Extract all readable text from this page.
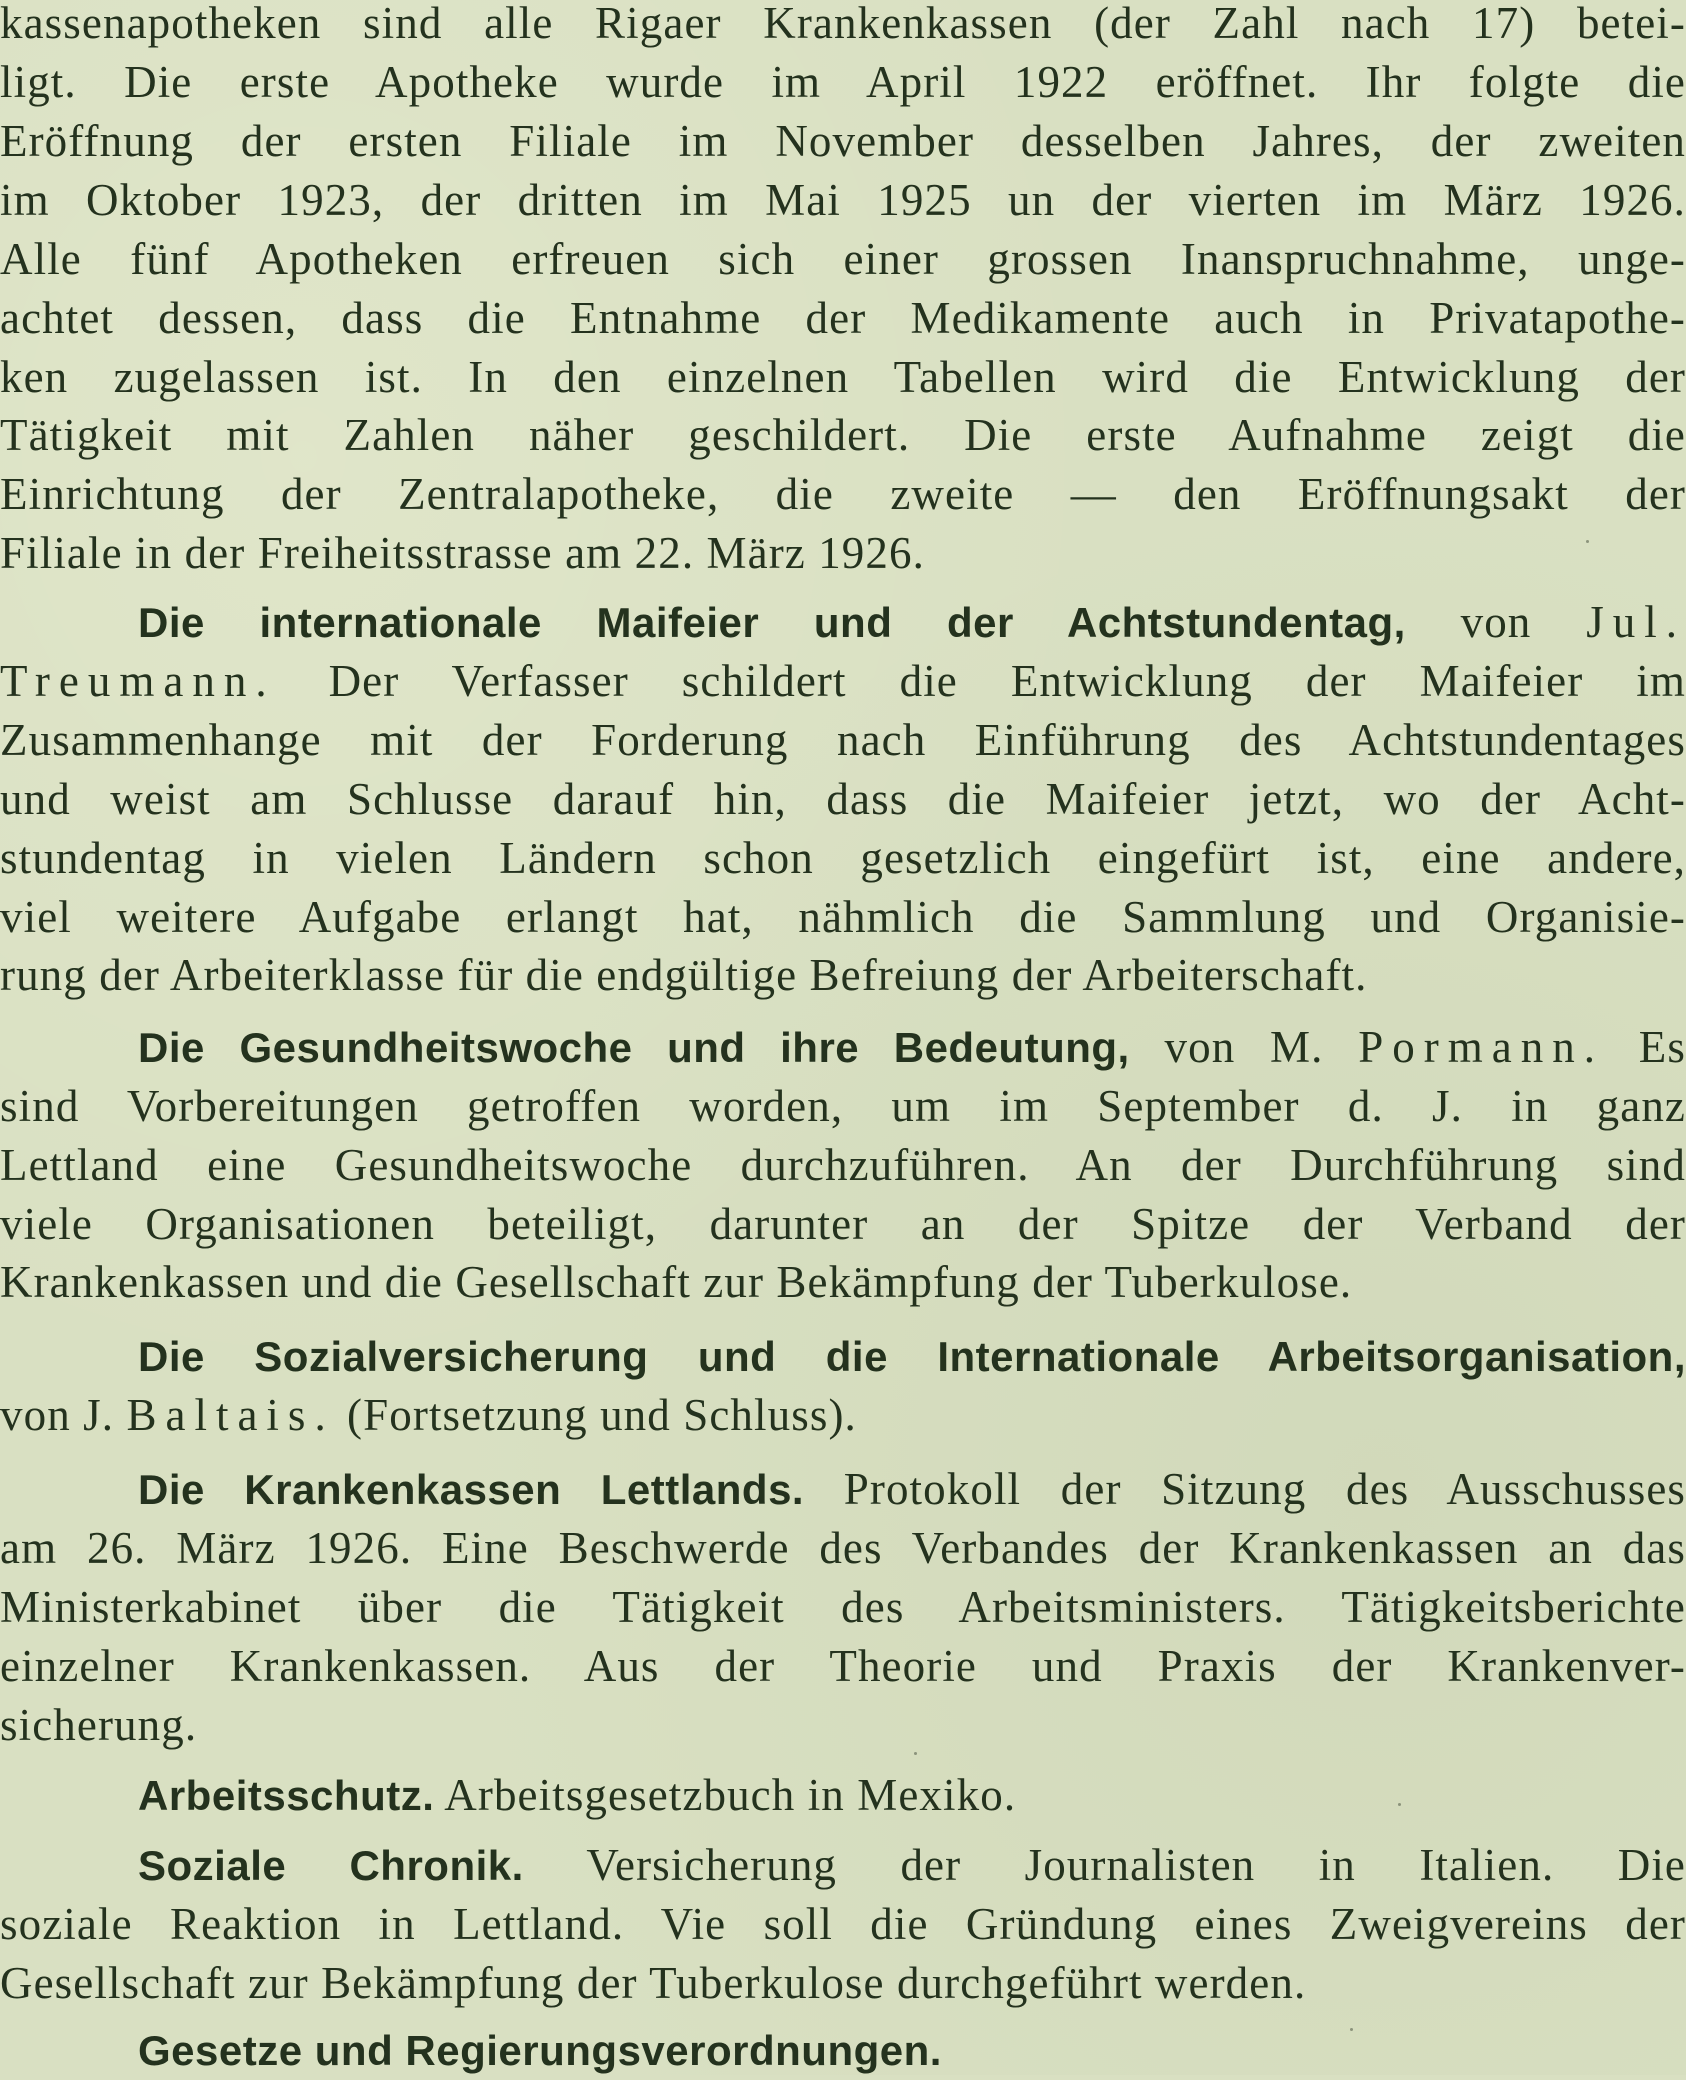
kassenapotheken sind alle Rigaer Krankenkassen (der Zahl nach 17) betei-
ligt. Die erste Apotheke wurde im April 1922 eröffnet. Ihr folgte die
Eröffnung der ersten Filiale im November desselben Jahres, der zweiten
im Oktober 1923, der dritten im Mai 1925 un der vierten im März 1926.
Alle fünf Apotheken erfreuen sich einer grossen Inanspruchnahme, unge-
achtet dessen, dass die Entnahme der Medikamente auch in Privatapothe-
ken zugelassen ist. In den einzelnen Tabellen wird die Entwicklung der
Tätigkeit mit Zahlen näher geschildert. Die erste Aufnahme zeigt die
Einrichtung der Zentralapotheke, die zweite — den Eröffnungsakt der
Filiale in der Freiheitsstrasse am 22. März 1926.
Die internationale Maifeier und der Achtstundentag, von Jul.
Treumann. Der Verfasser schildert die Entwicklung der Maifeier im
Zusammenhange mit der Forderung nach Einführung des Achtstundentages
und weist am Schlusse darauf hin, dass die Maifeier jetzt, wo der Acht-
stundentag in vielen Ländern schon gesetzlich eingefürt ist, eine andere,
viel weitere Aufgabe erlangt hat, nähmlich die Sammlung und Organisie-
rung der Arbeiterklasse für die endgültige Befreiung der Arbeiterschaft.
Die Gesundheitswoche und ihre Bedeutung, von M. Pormann. Es
sind Vorbereitungen getroffen worden, um im September d. J. in ganz
Lettland eine Gesundheitswoche durchzuführen. An der Durchführung sind
viele Organisationen beteiligt, darunter an der Spitze der Verband der
Krankenkassen und die Gesellschaft zur Bekämpfung der Tuberkulose.
Die Sozialversicherung und die Internationale Arbeitsorganisation,
von J. Baltais. (Fortsetzung und Schluss).
Die Krankenkassen Lettlands. Protokoll der Sitzung des Ausschusses
am 26. März 1926. Eine Beschwerde des Verbandes der Krankenkassen an das
Ministerkabinet über die Tätigkeit des Arbeitsministers. Tätigkeitsberichte
einzelner Krankenkassen. Aus der Theorie und Praxis der Krankenver-
sicherung.
Arbeitsschutz. Arbeitsgesetzbuch in Mexiko.
Soziale Chronik. Versicherung der Journalisten in Italien. Die
soziale Reaktion in Lettland. Vie soll die Gründung eines Zweigvereins der
Gesellschaft zur Bekämpfung der Tuberkulose durchgeführt werden.
Gesetze und Regierungsverordnungen.
